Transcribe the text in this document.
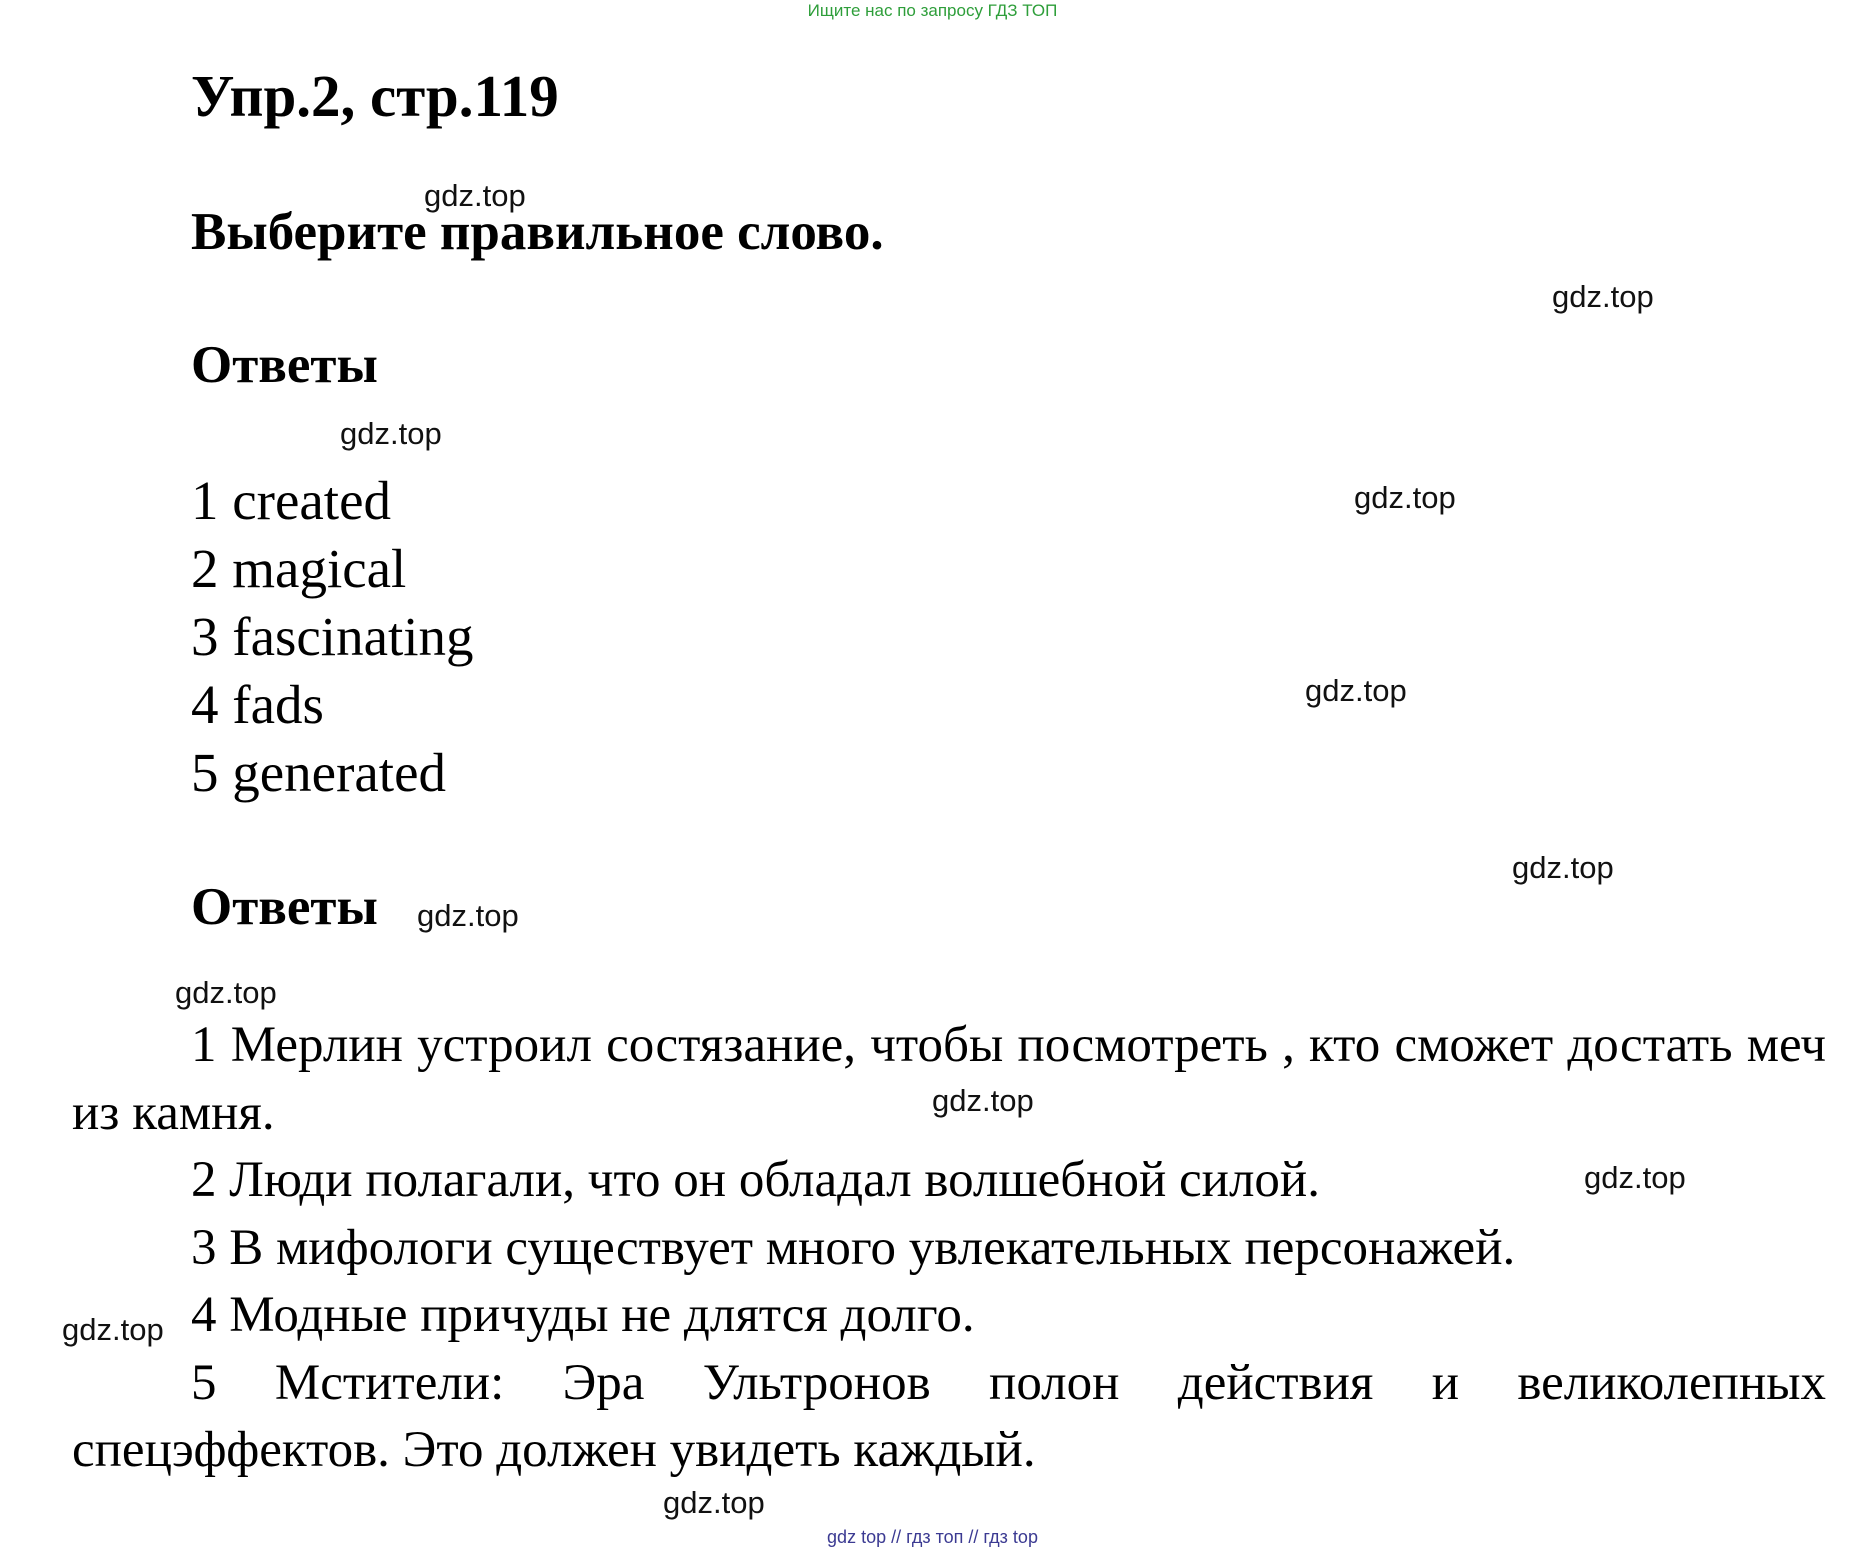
Ищите нас по запросу ГДЗ ТОП
Упр.2, стр.119
Выберите правильное слово.
Ответы
1 created
2 magical
3 fascinating
4 fads
5 generated
Ответы
1 Мерлин устроил состязание, чтобы посмотреть , кто сможет достать меч из камня.
2 Люди полагали, что он обладал волшебной силой.
3 В мифологи существует много увлекательных персонажей.
4 Модные причуды не длятся долго.
5 Мстители: Эра Ультронов полон действия и великолепных спецэффектов. Это должен увидеть каждый.
gdz.top
gdz.top
gdz.top
gdz.top
gdz.top
gdz.top
gdz.top
gdz.top
gdz.top
gdz.top
gdz.top
gdz.top
gdz top // гдз топ // гдз top
